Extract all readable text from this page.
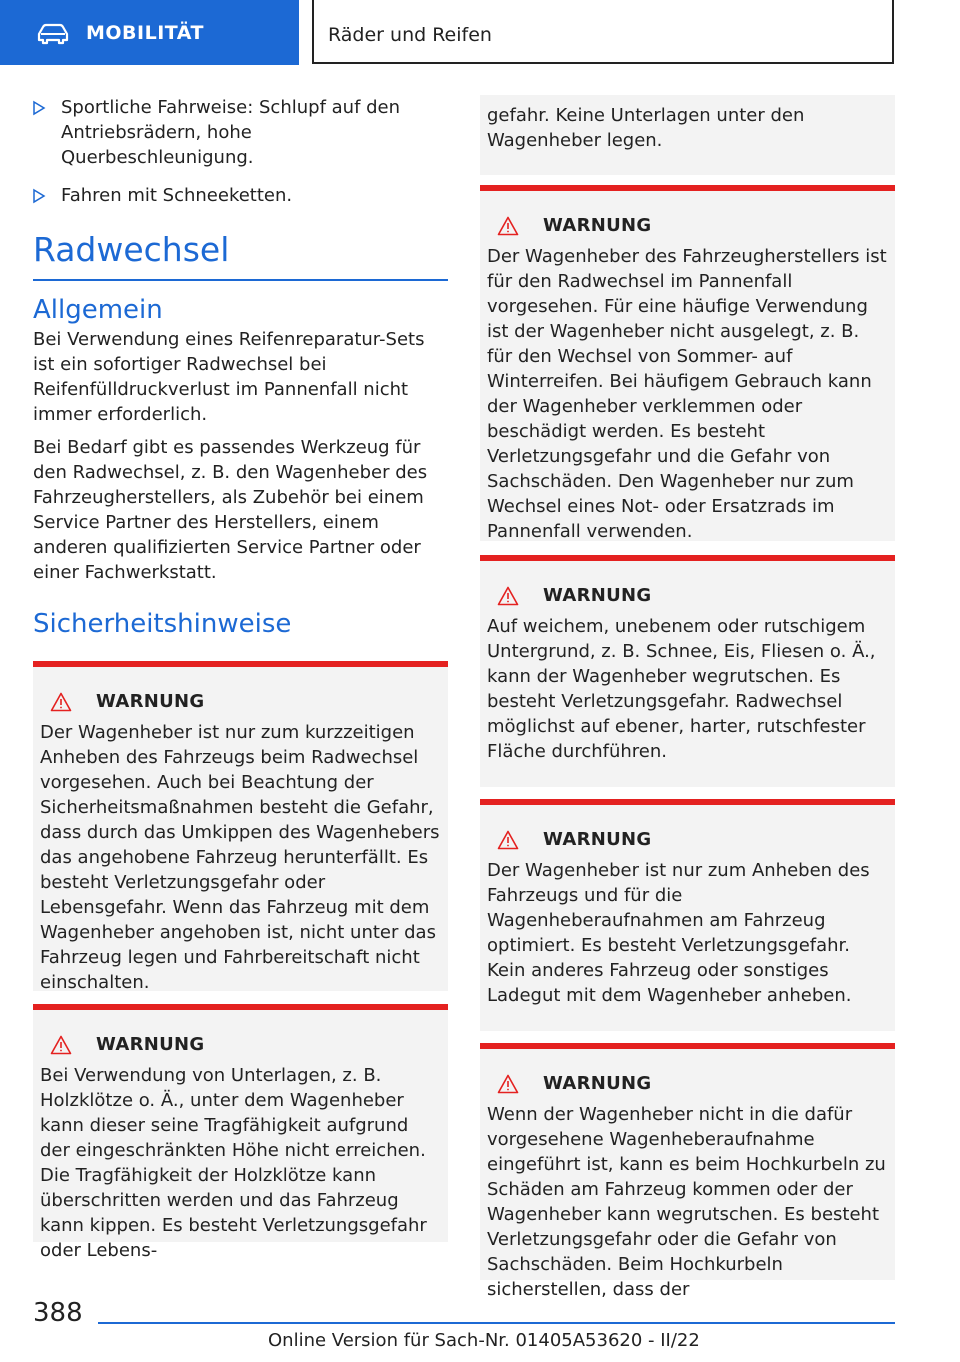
MOBILITÄT	Räder und Reifen
Sportliche Fahrweise: Schlupf auf den Antriebsrädern, hohe Querbeschleunigung.
Fahren mit Schneeketten.
Radwechsel
Allgemein
Bei Verwendung eines Reifenreparatur-Sets ist ein sofortiger Radwechsel bei Reifenfülldruckverlust im Pannenfall nicht immer erforderlich.
Bei Bedarf gibt es passendes Werkzeug für den Radwechsel, z. B. den Wagenheber des Fahrzeugherstellers, als Zubehör bei einem Service Partner des Herstellers, einem anderen qualifizierten Service Partner oder einer Fachwerkstatt.
Sicherheitshinweise
WARNUNG
Der Wagenheber ist nur zum kurzzeitigen Anheben des Fahrzeugs beim Radwechsel vorgesehen. Auch bei Beachtung der Sicherheitsmaßnahmen besteht die Gefahr, dass durch das Umkippen des Wagenhebers das angehobene Fahrzeug herunterfällt. Es besteht Verletzungsgefahr oder Lebensgefahr. Wenn das Fahrzeug mit dem Wagenheber angehoben ist, nicht unter das Fahrzeug legen und Fahrbereitschaft nicht einschalten.
WARNUNG
Bei Verwendung von Unterlagen, z. B. Holzklötze o. Ä., unter dem Wagenheber kann dieser seine Tragfähigkeit aufgrund der eingeschränkten Höhe nicht erreichen. Die Tragfähigkeit der Holzklötze kann überschritten werden und das Fahrzeug kann kippen. Es besteht Verletzungsgefahr oder Lebens-
gefahr. Keine Unterlagen unter den Wagenheber legen.
WARNUNG
Der Wagenheber des Fahrzeugherstellers ist für den Radwechsel im Pannenfall vorgesehen. Für eine häufige Verwendung ist der Wagenheber nicht ausgelegt, z. B. für den Wechsel von Sommer- auf Winterreifen. Bei häufigem Gebrauch kann der Wagenheber verklemmen oder beschädigt werden. Es besteht Verletzungsgefahr und die Gefahr von Sachschäden. Den Wagenheber nur zum Wechsel eines Not- oder Ersatzrads im Pannenfall verwenden.
WARNUNG
Auf weichem, unebenem oder rutschigem Untergrund, z. B. Schnee, Eis, Fliesen o. Ä., kann der Wagenheber wegrutschen. Es besteht Verletzungsgefahr. Radwechsel möglichst auf ebener, harter, rutschfester Fläche durchführen.
WARNUNG
Der Wagenheber ist nur zum Anheben des Fahrzeugs und für die Wagenheberaufnahmen am Fahrzeug optimiert. Es besteht Verletzungsgefahr. Kein anderes Fahrzeug oder sonstiges Ladegut mit dem Wagenheber anheben.
WARNUNG
Wenn der Wagenheber nicht in die dafür vorgesehene Wagenheberaufnahme eingeführt ist, kann es beim Hochkurbeln zu Schäden am Fahrzeug kommen oder der Wagenheber kann wegrutschen. Es besteht Verletzungsgefahr oder die Gefahr von Sachschäden. Beim Hochkurbeln sicherstellen, dass der
388
Online Version für Sach-Nr. 01405A53620 - II/22
